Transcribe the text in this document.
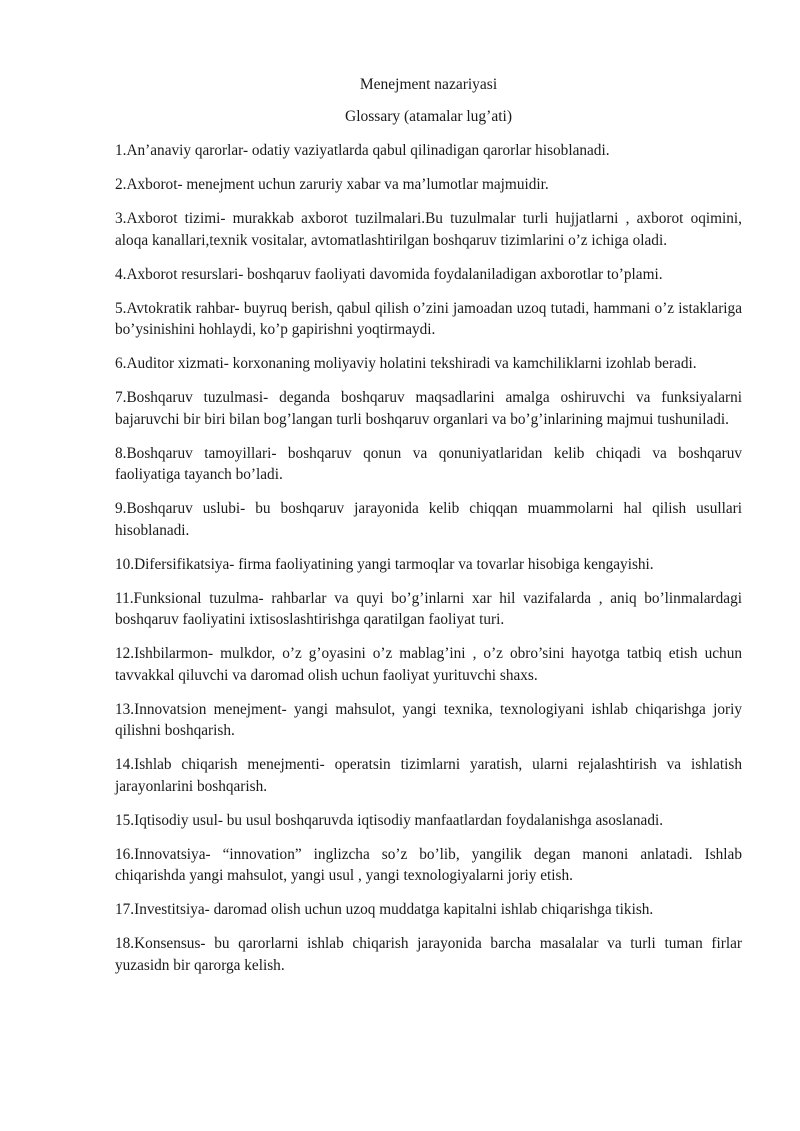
Menejment nazariyasi
Glossary (atamalar lug’ati)

1.An’anaviy qarorlar- odatiy vaziyatlarda qabul qilinadigan qarorlar hisoblanadi.

2.Axborot- menejment uchun zaruriy xabar va ma’lumotlar majmuidir.

3.Axborot tizimi- murakkab axborot tuzilmalari.Bu tuzulmalar turli hujjatlarni , axborot oqimini, aloqa kanallari,texnik vositalar, avtomatlashtirilgan boshqaruv tizimlarini o’z ichiga oladi.

4.Axborot resurslari- boshqaruv faoliyati davomida foydalaniladigan axborotlar to’plami.

5.Avtokratik rahbar- buyruq berish, qabul qilish o’zini jamoadan uzoq tutadi, hammani o’z istaklariga bo’ysinishini hohlaydi, ko’p gapirishni yoqtirmaydi.

6.Auditor xizmati- korxonaning moliyaviy holatini tekshiradi va kamchiliklarni izohlab beradi.

7.Boshqaruv tuzulmasi- deganda boshqaruv maqsadlarini amalga oshiruvchi va funksiyalarni bajaruvchi bir biri bilan bog’langan turli boshqaruv organlari va bo’g’inlarining majmui tushuniladi.

8.Boshqaruv tamoyillari- boshqaruv qonun va qonuniyatlaridan kelib chiqadi va boshqaruv faoliyatiga tayanch bo’ladi.

9.Boshqaruv uslubi- bu boshqaruv jarayonida kelib chiqqan muammolarni hal qilish usullari hisoblanadi.

10.Difersifikatsiya- firma faoliyatining yangi tarmoqlar va tovarlar hisobiga kengayishi.

11.Funksional tuzulma- rahbarlar va quyi bo’g’inlarni xar hil vazifalarda , aniq bo’linmalardagi boshqaruv faoliyatini ixtisoslashtirishga qaratilgan faoliyat turi.

12.Ishbilarmon- mulkdor, o’z g’oyasini o’z mablag’ini , o’z obro’sini hayotga tatbiq etish uchun tavvakkal qiluvchi va daromad olish uchun faoliyat yurituvchi shaxs.

13.Innovatsion menejment- yangi mahsulot, yangi texnika, texnologiyani ishlab chiqarishga joriy qilishni boshqarish.

14.Ishlab chiqarish menejmenti- operatsin tizimlarni yaratish, ularni rejalashtirish va ishlatish jarayonlarini boshqarish.

15.Iqtisodiy usul- bu usul boshqaruvda iqtisodiy manfaatlardan foydalanishga asoslanadi.

16.Innovatsiya- “innovation” inglizcha so’z bo’lib, yangilik degan manoni anlatadi. Ishlab chiqarishda yangi mahsulot, yangi usul , yangi texnologiyalarni joriy etish.

17.Investitsiya- daromad olish uchun uzoq muddatga kapitalni ishlab chiqarishga tikish.

18.Konsensus- bu qarorlarni ishlab chiqarish jarayonida barcha masalalar va turli tuman firlar yuzasidn bir qarorga kelish.
